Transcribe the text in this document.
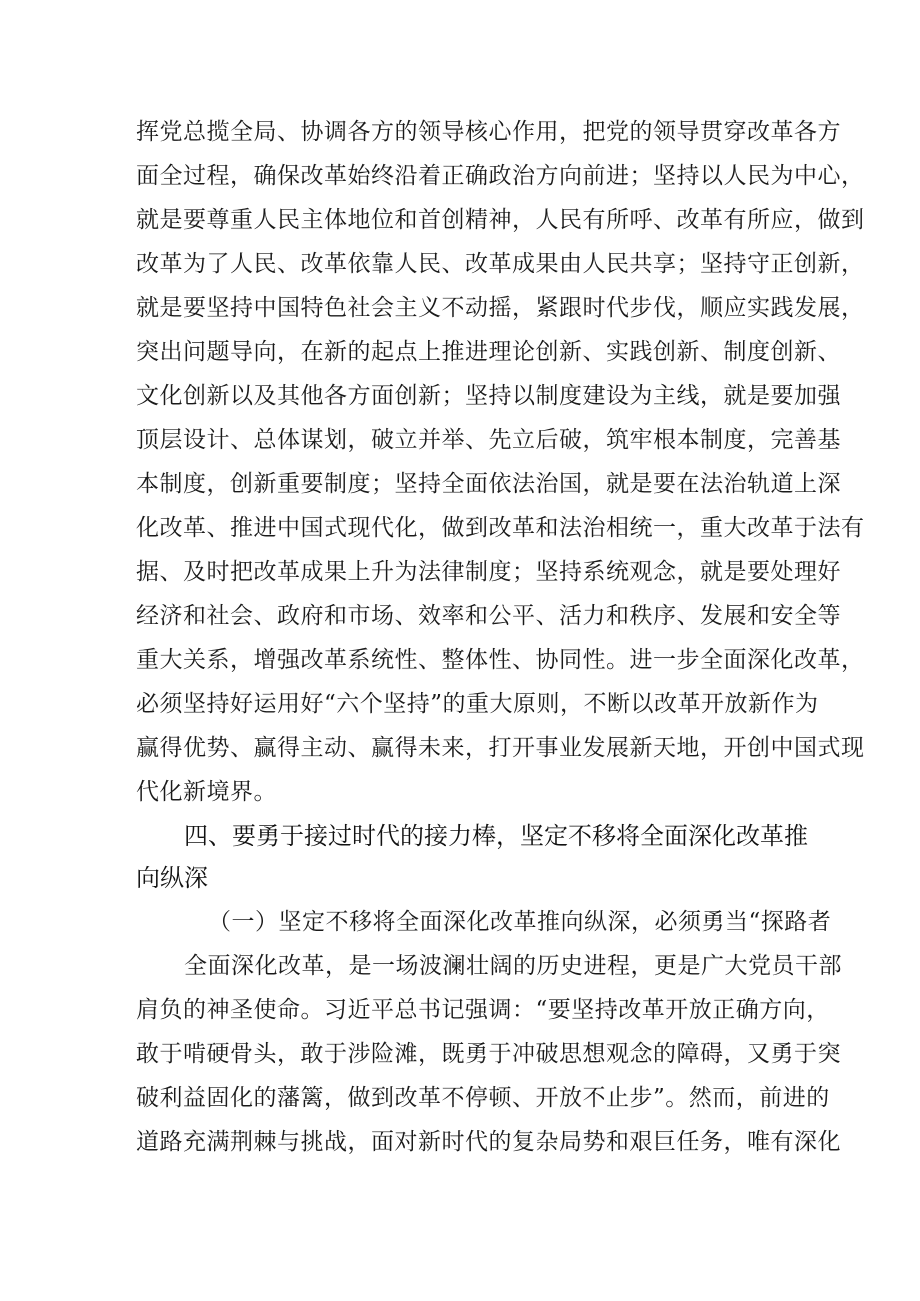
挥党总揽全局、协调各方的领导核心作用，把党的领导贯穿改革各方
面全过程，确保改革始终沿着正确政治方向前进；坚持以人民为中心，
就是要尊重人民主体地位和首创精神，人民有所呼、改革有所应，做到
改革为了人民、改革依靠人民、改革成果由人民共享；坚持守正创新，
就是要坚持中国特色社会主义不动摇，紧跟时代步伐，顺应实践发展，
突出问题导向，在新的起点上推进理论创新、实践创新、制度创新、
文化创新以及其他各方面创新；坚持以制度建设为主线，就是要加强
顶层设计、总体谋划，破立并举、先立后破，筑牢根本制度，完善基
本制度，创新重要制度；坚持全面依法治国，就是要在法治轨道上深
化改革、推进中国式现代化，做到改革和法治相统一，重大改革于法有
据、及时把改革成果上升为法律制度；坚持系统观念，就是要处理好
经济和社会、政府和市场、效率和公平、活力和秩序、发展和安全等
重大关系，增强改革系统性、整体性、协同性。进一步全面深化改革，
必须坚持好运用好“六个坚持”的重大原则，不断以改革开放新作为
赢得优势、赢得主动、赢得未来，打开事业发展新天地，开创中国式现
代化新境界。
四、要勇于接过时代的接力棒，坚定不移将全面深化改革推
向纵深
（一）坚定不移将全面深化改革推向纵深，必须勇当“探路者
全面深化改革，是一场波澜壮阔的历史进程，更是广大党员干部
肩负的神圣使命。习近平总书记强调：“要坚持改革开放正确方向，
敢于啃硬骨头，敢于涉险滩，既勇于冲破思想观念的障碍，又勇于突
破利益固化的藩篱，做到改革不停顿、开放不止步”。然而，前进的
道路充满荆棘与挑战，面对新时代的复杂局势和艰巨任务，唯有深化
